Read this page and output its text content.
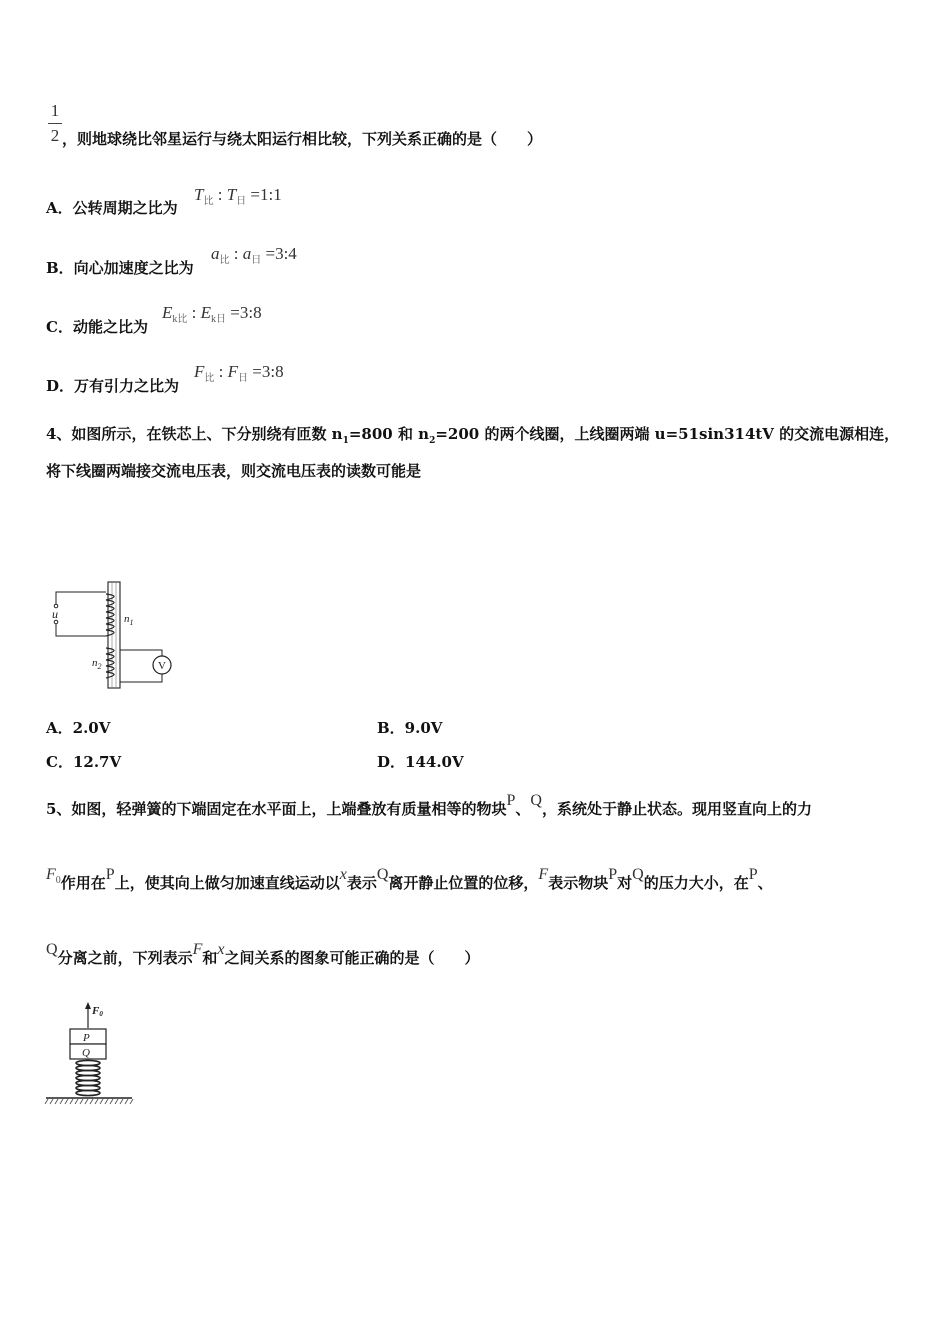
1
2 ，则地球绕比邻星运行与绕太阳运行相比较，下列关系正确的是（　　）
A．公转周期之比为
$T_比$ : $T_日$ =1:1
B．向心加速度之比为
$a_比$ : $a_日$ =3:4
C．动能之比为
$E_{k比}$ : $E_{k日}$ =3:8
D．万有引力之比为
$F_比$ : $F_日$ =3:8
4、如图所示，在铁芯上、下分别绕有匝数 $n_1=800$ 和 $n_2=200$ 的两个线圈，上线圈两端 u=51sin314tV 的交流电源相连，
将下线圈两端接交流电压表，则交流电压表的读数可能是
u	$n_1$
$n_2$	V
A．2.0V	B．9.0V
C．12.7V	D．144.0V
5、如图，轻弹簧的下端固定在水平面上，上端叠放有质量相等的物块P、Q，系统处于静止状态。现用竖直向上的力
$F_0$作用在P上，使其向上做匀加速直线运动以x表示Q离开静止位置的位移，F表示物块P对Q的压力大小，在P、
Q分离之前，下列表示F和x之间关系的图象可能正确的是（　　）
F0
P
Q
